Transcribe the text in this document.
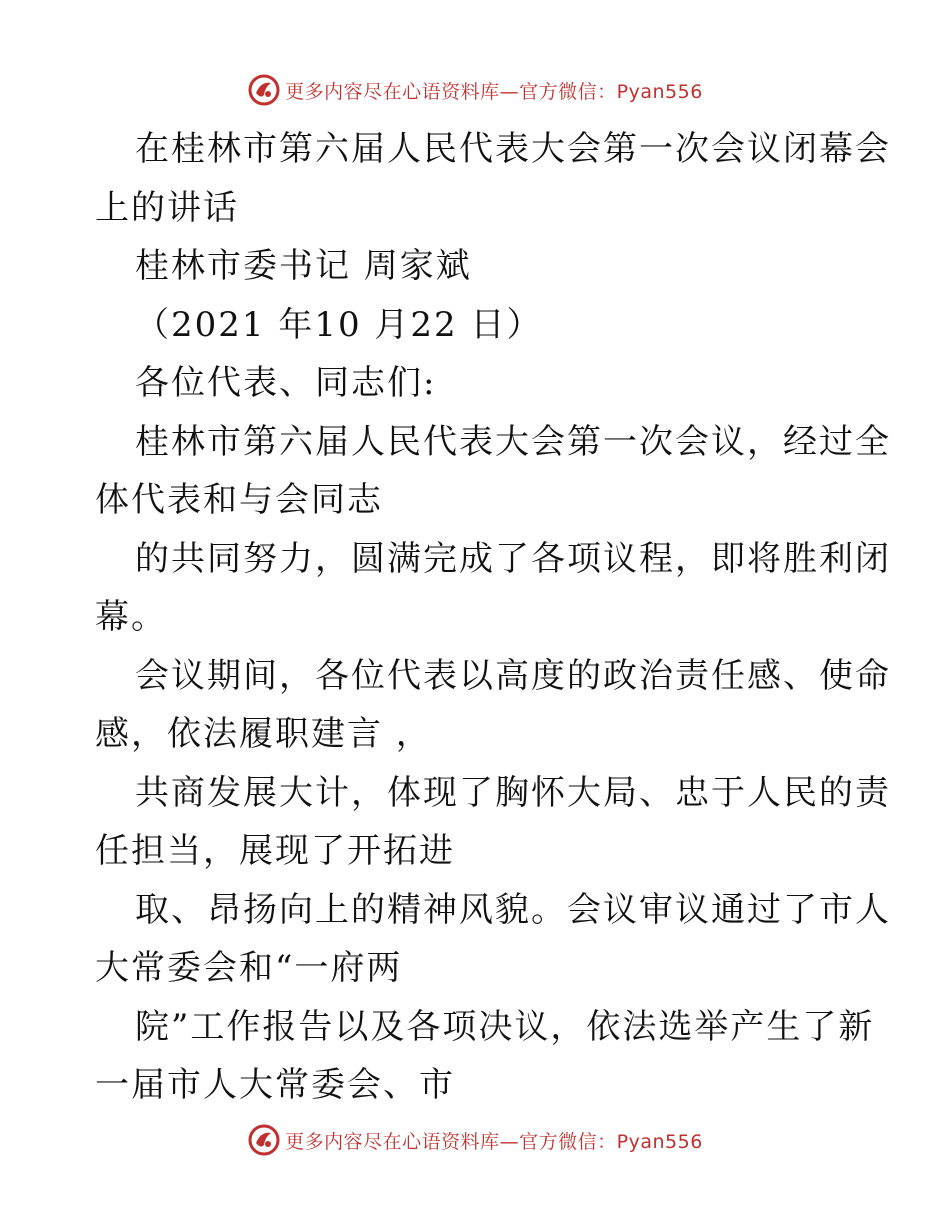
更多内容尽在心语资料库—官方微信：Pyan556

在桂林市第六届人民代表大会第一次会议闭幕会
上的讲话
桂林市委书记 周家斌
（2021 年10 月22 日）
各位代表、同志们:
桂林市第六届人民代表大会第一次会议，经过全
体代表和与会同志
的共同努力，圆满完成了各项议程，即将胜利闭
幕。
会议期间，各位代表以高度的政治责任感、使命
感，依法履职建言 ，
共商发展大计，体现了胸怀大局、忠于人民的责
任担当，展现了开拓进
取、昂扬向上的精神风貌。会议审议通过了市人
大常委会和“一府两
院”工作报告以及各项决议，依法选举产生了新
一届市人大常委会、市

更多内容尽在心语资料库—官方微信：Pyan556
